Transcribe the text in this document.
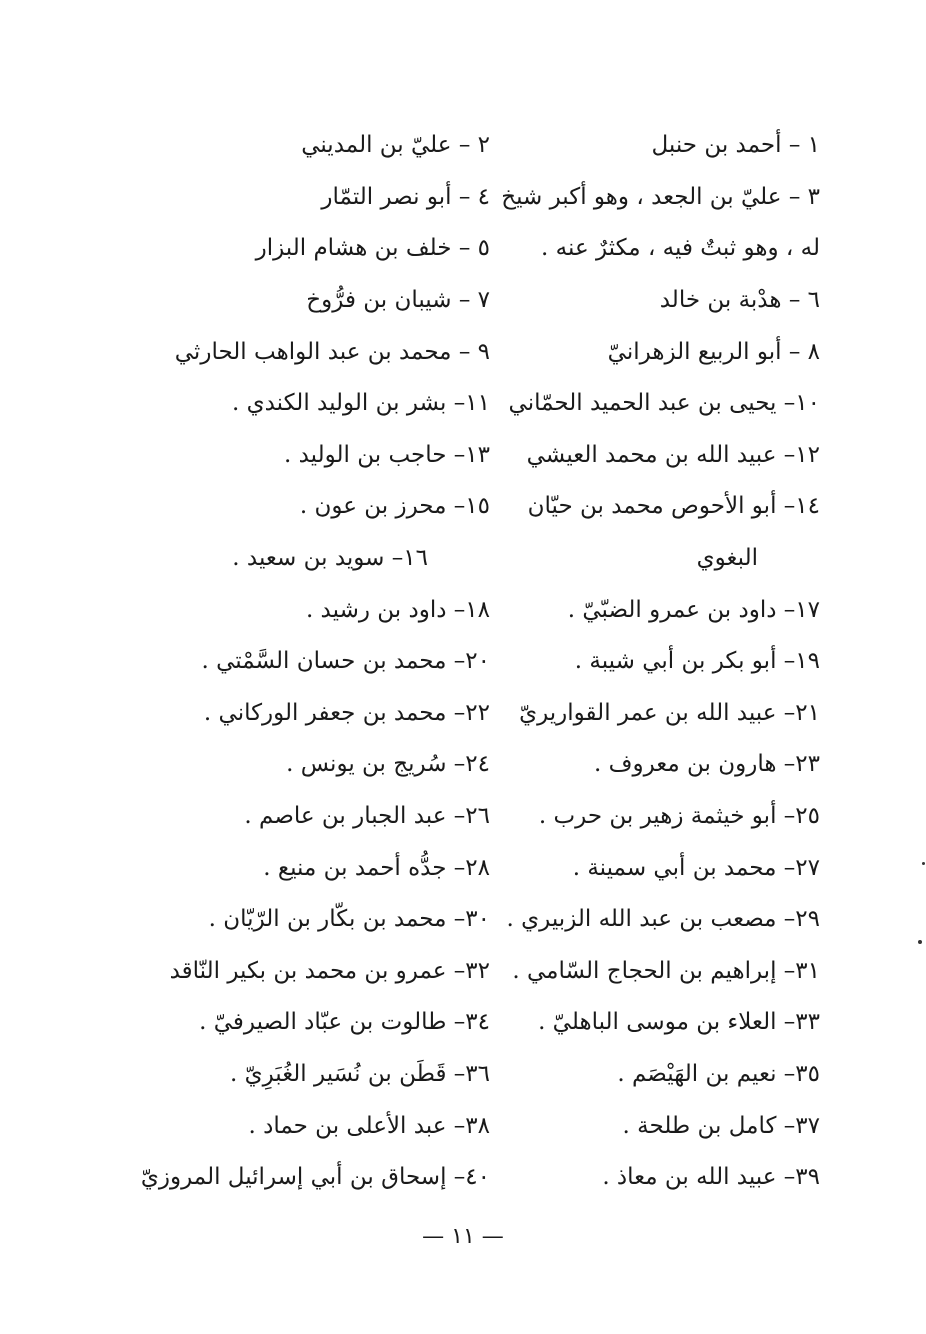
١ – أحمد بن حنبل
٢ – عليّ بن المديني
٣ – عليّ بن الجعد ، وهو أكبر شيخ
٤ – أبو نصر التمّار
له ، وهو ثبتٌ فيه ، مكثرٌ عنه .
٥ – خلف بن هشام البزار
٦ – هدْبة بن خالد
٧ – شيبان بن فرُّوخ
٨ – أبو الربيع الزهرانيّ
٩ – محمد بن عبد الواهب الحارثي
١٠– يحيى بن عبد الحميد الحمّاني
١١– بشر بن الوليد الكندي .
١٢– عبيد الله بن محمد العيشي
١٣– حاجب بن الوليد .
١٤– أبو الأحوص محمد بن حيّان
١٥– محرز بن عون .
البغوي
١٦– سويد بن سعيد .
١٧– داود بن عمرو الضبّيّ .
١٨– داود بن رشيد .
١٩– أبو بكر بن أبي شيبة .
٢٠– محمد بن حسان السَّمْتي .
٢١– عبيد الله بن عمر القواريريّ
٢٢– محمد بن جعفر الوركاني .
٢٣– هارون بن معروف .
٢٤– سُريج بن يونس .
٢٥– أبو خيثمة زهير بن حرب .
٢٦– عبد الجبار بن عاصم .
٢٧– محمد بن أبي سمينة .
٢٨– جدُّه أحمد بن منيع .
٢٩– مصعب بن عبد الله الزبيري .
٣٠– محمد بن بكّار بن الرّيّان .
٣١– إبراهيم بن الحجاج السّامي .
٣٢– عمرو بن محمد بن بكير النّاقد
٣٣– العلاء بن موسى الباهليّ .
٣٤– طالوت بن عبّاد الصيرفيّ .
٣٥– نعيم بن الهَيْصَم .
٣٦– قَطَن بن نُسَير الغُبَرِيّ .
٣٧– كامل بن طلحة .
٣٨– عبد الأعلى بن حماد .
٣٩– عبيد الله بن معاذ .
٤٠– إسحاق بن أبي إسرائيل المروزيّ
— ١١ —
